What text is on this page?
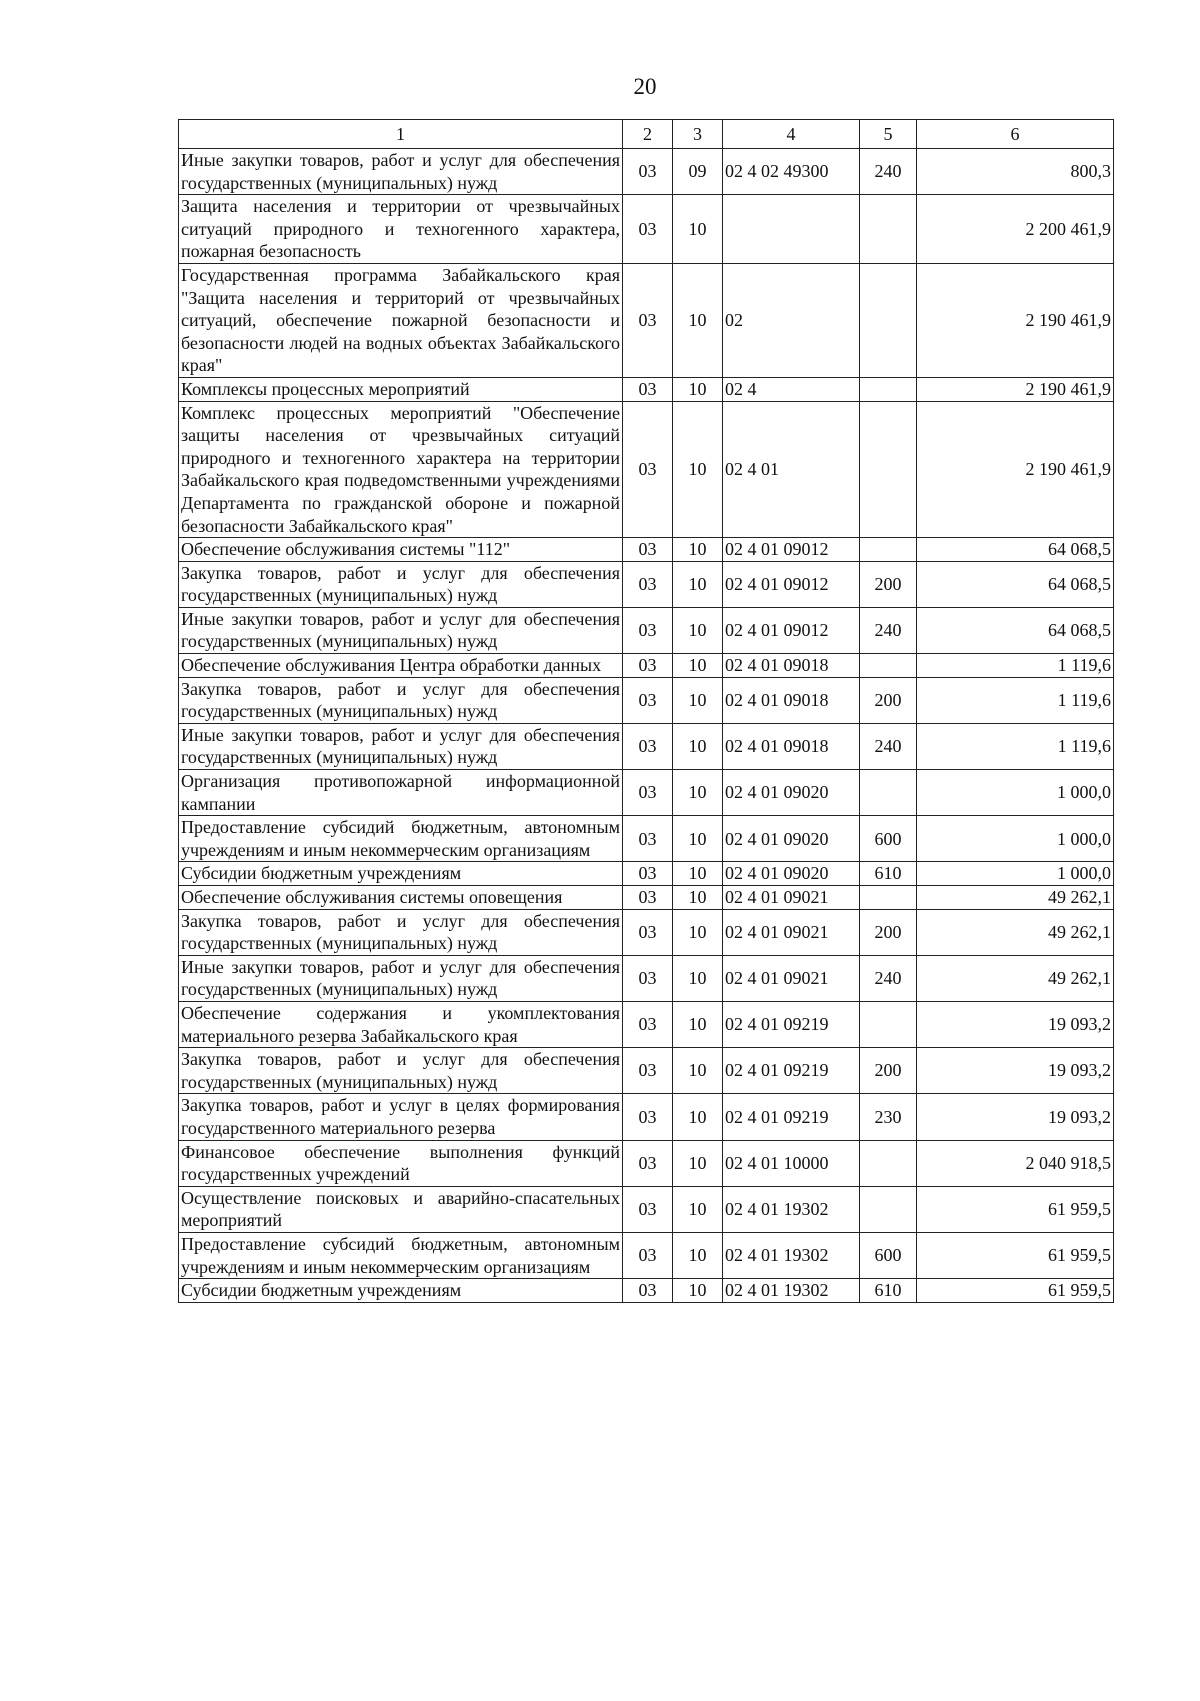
20
1	2	3	4	5	6
Иные закупки товаров, работ и услуг для обеспечения государственных (муниципальных) нужд	03	09	02 4 02 49300	240	800,3
Защита населения и территории от чрезвычайных ситуаций природного и техногенного характера, пожарная безопасность	03	10			2 200 461,9
Государственная программа Забайкальского края "Защита населения и территорий от чрезвычайных ситуаций, обеспечение пожарной безопасности и безопасности людей на водных объектах Забайкальского края"	03	10	02		2 190 461,9
Комплексы процессных мероприятий	03	10	02 4		2 190 461,9
Комплекс процессных мероприятий "Обеспечение защиты населения от чрезвычайных ситуаций природного и техногенного характера на территории Забайкальского края подведомственными учреждениями Департамента по гражданской обороне и пожарной безопасности Забайкальского края"	03	10	02 4 01		2 190 461,9
Обеспечение обслуживания системы "112"	03	10	02 4 01 09012		64 068,5
Закупка товаров, работ и услуг для обеспечения государственных (муниципальных) нужд	03	10	02 4 01 09012	200	64 068,5
Иные закупки товаров, работ и услуг для обеспечения государственных (муниципальных) нужд	03	10	02 4 01 09012	240	64 068,5
Обеспечение обслуживания Центра обработки данных	03	10	02 4 01 09018		1 119,6
Закупка товаров, работ и услуг для обеспечения государственных (муниципальных) нужд	03	10	02 4 01 09018	200	1 119,6
Иные закупки товаров, работ и услуг для обеспечения государственных (муниципальных) нужд	03	10	02 4 01 09018	240	1 119,6
Организация противопожарной информационной кампании	03	10	02 4 01 09020		1 000,0
Предоставление субсидий бюджетным, автономным учреждениям и иным некоммерческим организациям	03	10	02 4 01 09020	600	1 000,0
Субсидии бюджетным учреждениям	03	10	02 4 01 09020	610	1 000,0
Обеспечение обслуживания системы оповещения	03	10	02 4 01 09021		49 262,1
Закупка товаров, работ и услуг для обеспечения государственных (муниципальных) нужд	03	10	02 4 01 09021	200	49 262,1
Иные закупки товаров, работ и услуг для обеспечения государственных (муниципальных) нужд	03	10	02 4 01 09021	240	49 262,1
Обеспечение содержания и укомплектования материального резерва Забайкальского края	03	10	02 4 01 09219		19 093,2
Закупка товаров, работ и услуг для обеспечения государственных (муниципальных) нужд	03	10	02 4 01 09219	200	19 093,2
Закупка товаров, работ и услуг в целях формирования государственного материального резерва	03	10	02 4 01 09219	230	19 093,2
Финансовое обеспечение выполнения функций государственных учреждений	03	10	02 4 01 10000		2 040 918,5
Осуществление поисковых и аварийно-спасательных мероприятий	03	10	02 4 01 19302		61 959,5
Предоставление субсидий бюджетным, автономным учреждениям и иным некоммерческим организациям	03	10	02 4 01 19302	600	61 959,5
Субсидии бюджетным учреждениям	03	10	02 4 01 19302	610	61 959,5
